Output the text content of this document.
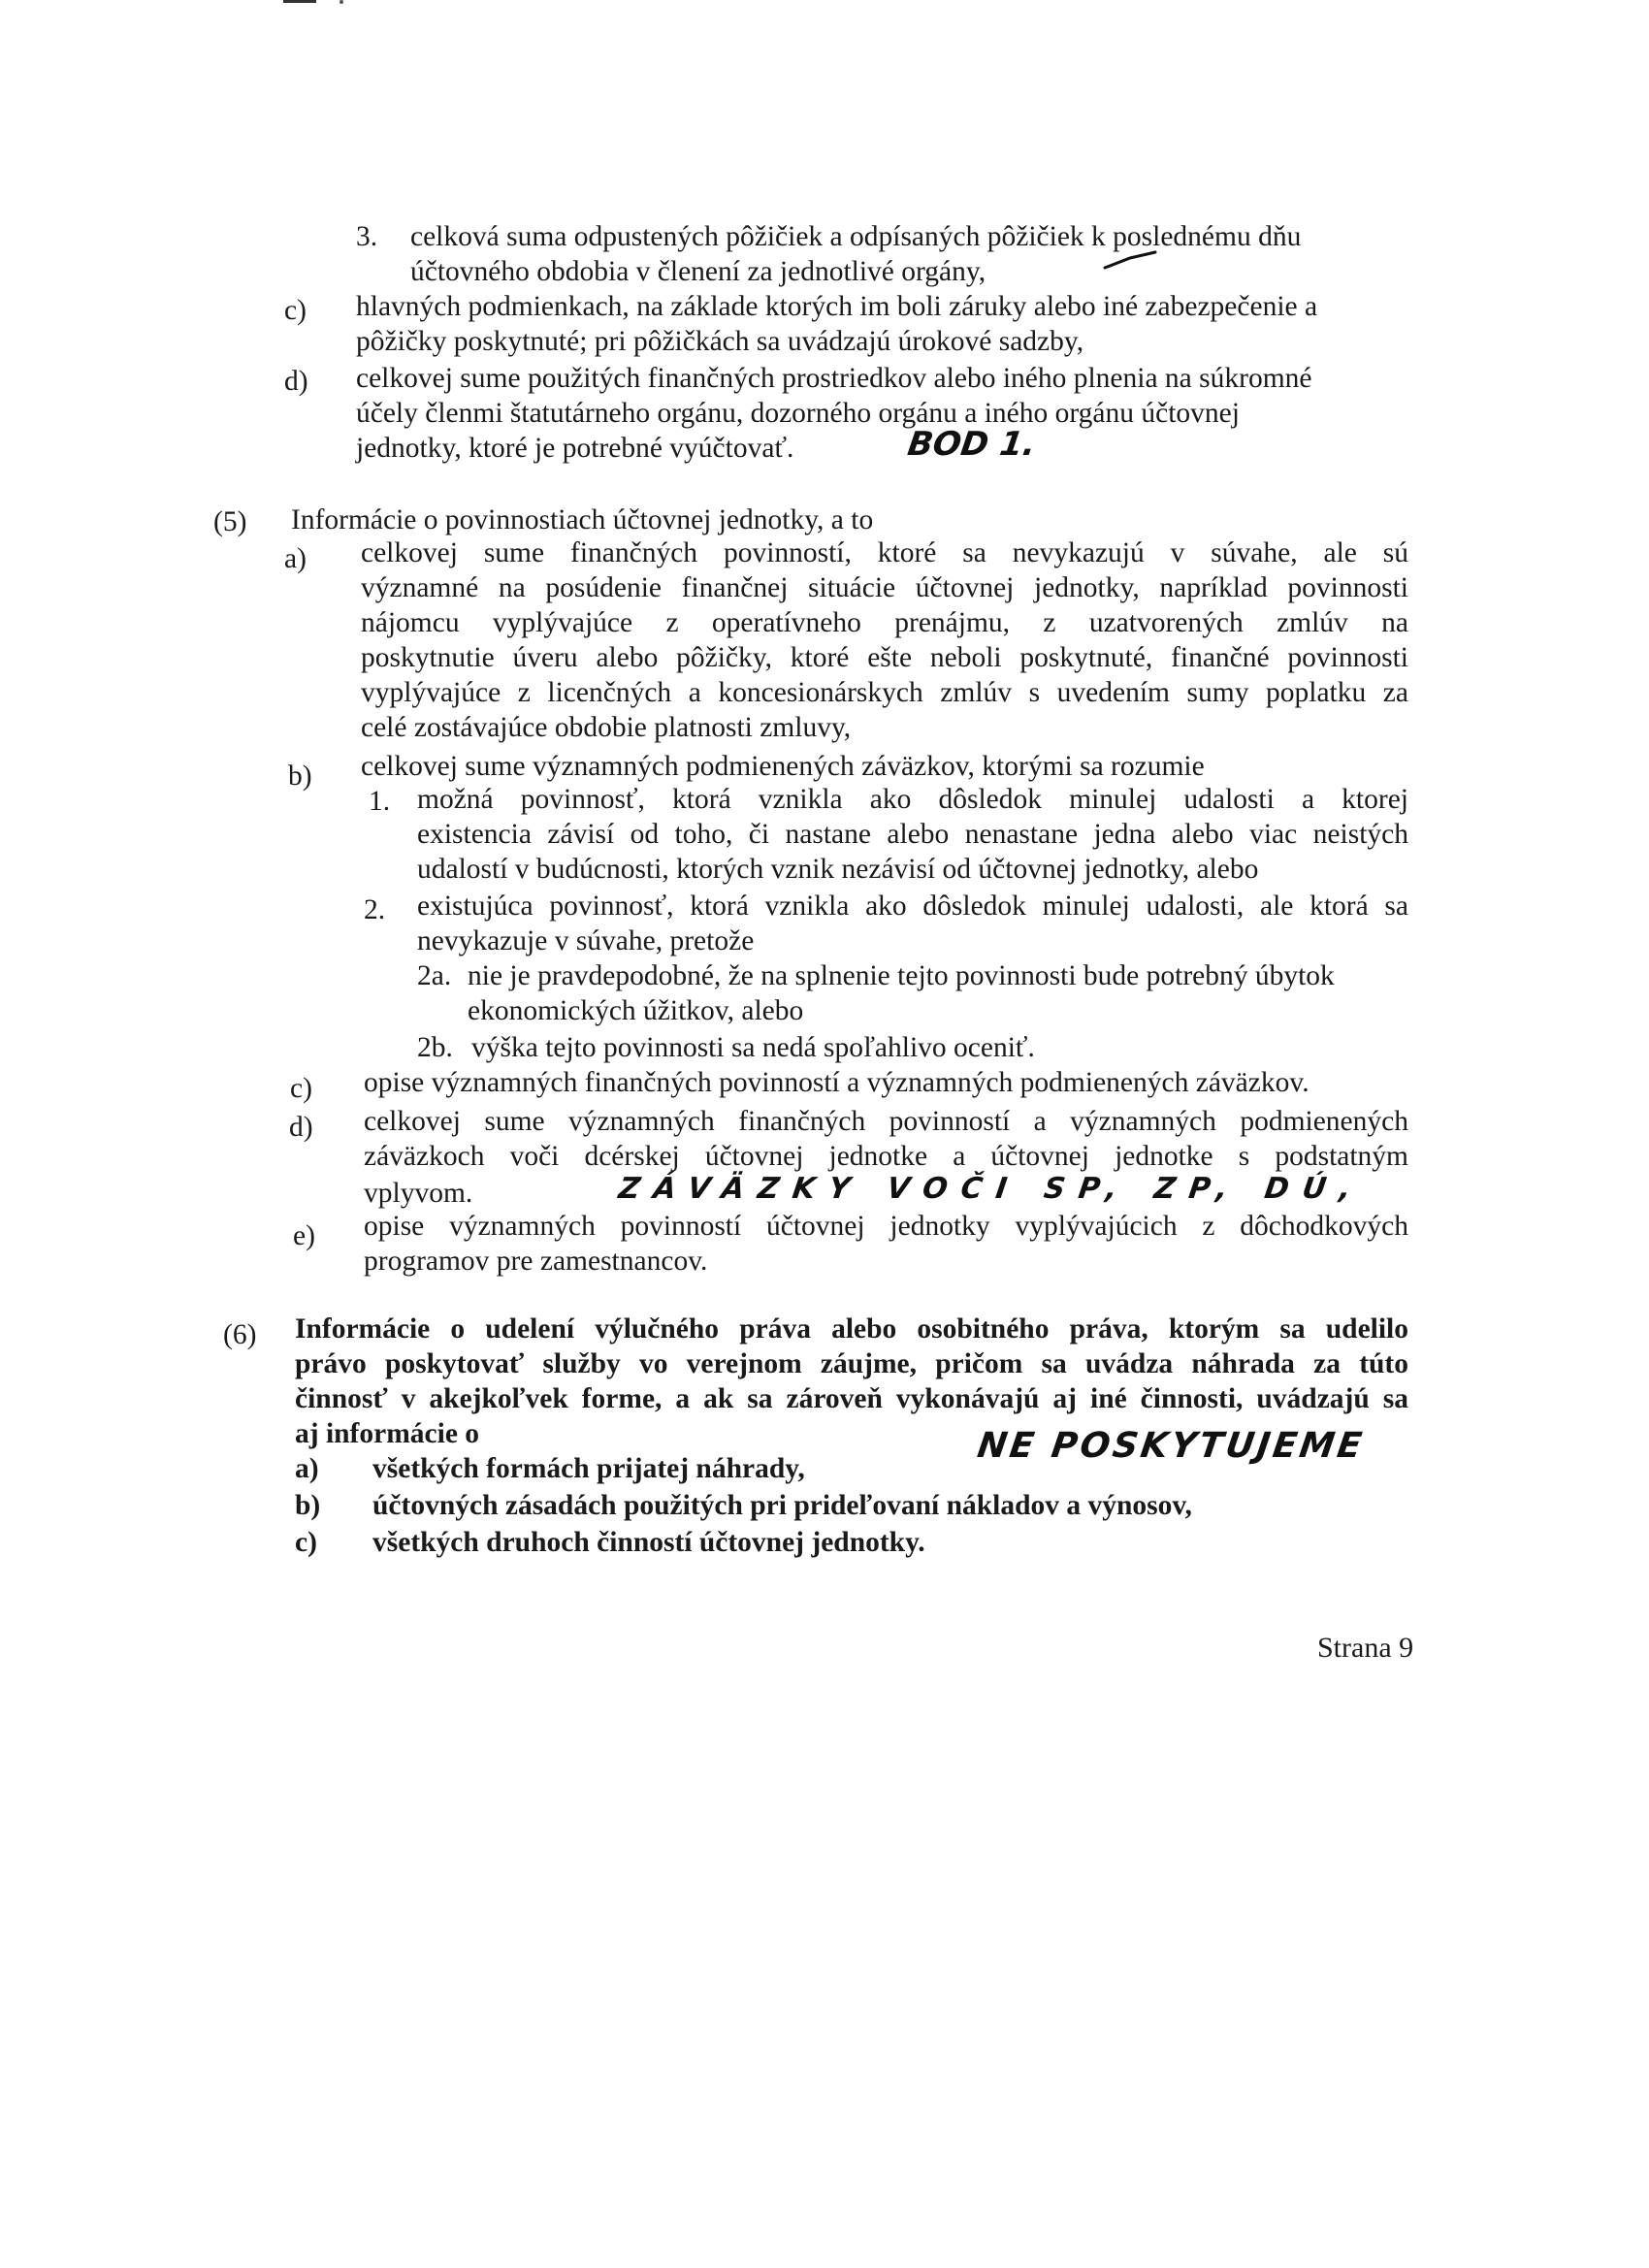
3. celková suma odpustených pôžičiek a odpísaných pôžičiek k poslednému dňu
účtovného obdobia v členení za jednotlivé orgány,
c) hlavných podmienkach, na základe ktorých im boli záruky alebo iné zabezpečenie a
pôžičky poskytnuté; pri pôžičkách sa uvádzajú úrokové sadzby,
d) celkovej sume použitých finančných prostriedkov alebo iného plnenia na súkromné
účely členmi štatutárneho orgánu, dozorného orgánu a iného orgánu účtovnej
jednotky, ktoré je potrebné vyúčtovať.	BOD 1.
(5) Informácie o povinnostiach účtovnej jednotky, a to
a) celkovej sume finančných povinností, ktoré sa nevykazujú v súvahe, ale sú
významné na posúdenie finančnej situácie účtovnej jednotky, napríklad povinnosti
nájomcu vyplývajúce z operatívneho prenájmu, z uzatvorených zmlúv na
poskytnutie úveru alebo pôžičky, ktoré ešte neboli poskytnuté, finančné povinnosti
vyplývajúce z licenčných a koncesionárskych zmlúv s uvedením sumy poplatku za
celé zostávajúce obdobie platnosti zmluvy,
b) celkovej sume významných podmienených záväzkov, ktorými sa rozumie
1. možná povinnosť, ktorá vznikla ako dôsledok minulej udalosti a ktorej
existencia závisí od toho, či nastane alebo nenastane jedna alebo viac neistých
udalostí v budúcnosti, ktorých vznik nezávisí od účtovnej jednotky, alebo
2. existujúca povinnosť, ktorá vznikla ako dôsledok minulej udalosti, ale ktorá sa
nevykazuje v súvahe, pretože
2a. nie je pravdepodobné, že na splnenie tejto povinnosti bude potrebný úbytok
ekonomických úžitkov, alebo
2b. výška tejto povinnosti sa nedá spoľahlivo oceniť.
c) opise významných finančných povinností a významných podmienených záväzkov.
d) celkovej sume významných finančných povinností a významných podmienených
záväzkoch voči dcérskej účtovnej jednotke a účtovnej jednotke s podstatným
vplyvom.	ZÁVÄZKY VOČI SP, ZP, DÚ,
e) opise významných povinností účtovnej jednotky vyplývajúcich z dôchodkových
programov pre zamestnancov.
(6) Informácie o udelení výlučného práva alebo osobitného práva, ktorým sa udelilo
právo poskytovať služby vo verejnom záujme, pričom sa uvádza náhrada za túto
činnosť v akejkoľvek forme, a ak sa zároveň vykonávajú aj iné činnosti, uvádzajú sa
aj informácie o
a) všetkých formách prijatej náhrady,
NE POSKYTUJEME
b) účtovných zásadách použitých pri prideľovaní nákladov a výnosov,
c) všetkých druhoch činností účtovnej jednotky.
Strana 9
